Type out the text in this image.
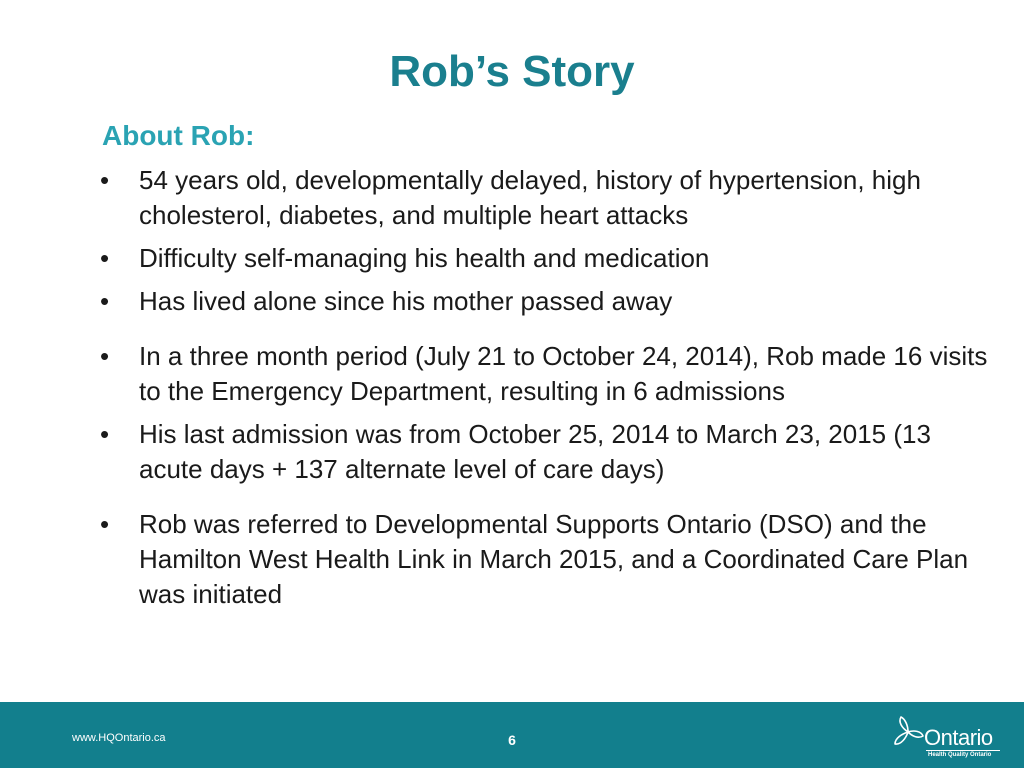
Rob’s Story
About Rob:
• 54 years old, developmentally delayed, history of hypertension, high cholesterol, diabetes, and multiple heart attacks
• Difficulty self-managing his health and medication
• Has lived alone since his mother passed away
• In a three month period (July 21 to October 24, 2014), Rob made 16 visits to the Emergency Department, resulting in 6 admissions
• His last admission was from October 25, 2014 to March 23, 2015 (13 acute days + 137 alternate level of care days)
• Rob was referred to Developmental Supports Ontario (DSO) and the Hamilton West Health Link in March 2015, and a Coordinated Care Plan was initiated
www.HQOntario.ca	6	Ontario
Health Quality Ontario
